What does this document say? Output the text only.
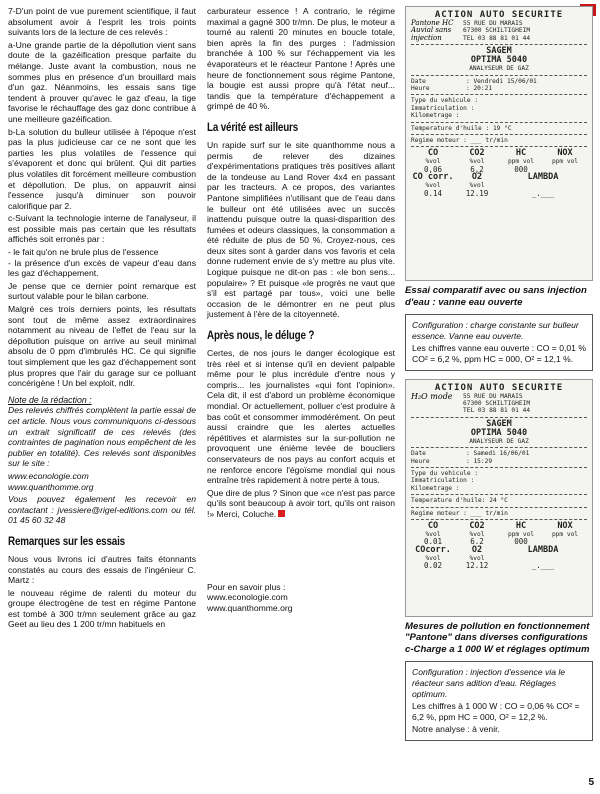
7-D'un point de vue purement scientifique, il faut absolument avoir à l'esprit les trois points suivants lors de la lecture de ces relevés :

a-Une grande partie de la dépollution vient sans doute de la gazéification presque parfaite du mélange. Juste avant la combustion, nous ne sommes plus en présence d'un brouillard mais d'un gaz. Néanmoins, les essais sans tige tendent à prouver qu'avec le gaz d'eau, la tige favorise le réchauffage des gaz donc contribue à une meilleure gazéification.

b-La solution du bulleur utilisée à l'époque n'est pas la plus judicieuse car ce ne sont que les parties les plus volatiles de l'essence qui s'évaporent et donc qui brûlent. Qui dit parties plus volatiles dit forcément meilleure combustion et dépollution. De plus, on appauvrit ainsi l'essence jusqu'à diminuer son pouvoir calorifique par 2.

c-Suivant la technologie interne de l'analyseur, il est possible mais pas certain que les résultats affichés soit erronés par :

- le fait qu'on ne brule plus de l'essence

- la présence d'un excès de vapeur d'eau dans les gaz d'échappement.

Je pense que ce dernier point remarque est surtout valable pour le bilan carbone.

Malgré ces trois derniers points, les résultats sont tout de même assez extraordinaires notamment au niveau de l'effet de l'eau sur la dépollution puisque on arrive au seuil minimal absolu de 0 ppm d'imbrulés HC. Ce qui signifie tout simplement que les gaz d'échappement sont plus propres que l'air du garage sur ce polluant concérigène ! Un bel exploit, ndlr.

Note de la rédaction :

Des relevés chiffrés complètent la partie essai de cet article. Nous vous communiquons ci-dessous un extrait significatif de ces relevés (des contraintes de pagination nous empêchent de les publier en totalité). Ces relevés sont disponibles sur le site :

www.econologie.com

www.quanthomme.org

Vous pouvez également les recevoir en contactant : jvessiere@rigel-editions.com ou tél. 01 45 60 32 48

Remarques sur les essais

Nous vous livrons ici d'autres faits étonnants constatés au cours des essais de l'ingénieur C. Martz :

le nouveau régime de ralenti du moteur du groupe électrogène de test en régime Pantone est tombé à 300 tr/mn seulement grâce au gaz Geet au lieu des 1 200 tr/mn habituels en

carburateur essence ! A contrario, le régime maximal a gagné 300 tr/mn. De plus, le moteur a tourné au ralenti 20 minutes en boucle totale, bien après la fin des purges : l'admission branchée à 100 % sur l'échappement via les évaporateurs et le réacteur Pantone ! Après une heure de fonctionnement sous régime Pantone, la bougie est aussi propre qu'à l'état neuf... tandis que la température d'échappement a grimpé de 40 %.

La vérité est ailleurs

Un rapide surf sur le site quanthomme nous a permis de relever des dizaines d'expérimentations pratiques très positives allant de la tondeuse au Land Rover 4x4 en passant par les tracteurs. A ce propos, des variantes Pantone simplifiées n'utilisant que de l'eau dans le bulleur ont été utilisées avec un succès inattendu puisque outre la quasi-disparition des fumées et odeurs classiques, la consommation a été réduite de plus de 50 %. Croyez-nous, ces deux sites sont à garder dans vos favoris et cela donne rudement envie de s'y mettre au plus vite. Logique puisque ne dit-on pas : «le bon sens... populaire» ? Et puisque «le progrès ne vaut que s'il est partagé par tous», voici une belle occasion de le démontrer en ne peut plus justement à l'ère de la citoyenneté.

Après nous, le déluge ?

Certes, de nos jours le danger écologique est très réel et si intense qu'il en devient palpable même pour le plus incrédule d'entre nous y compris... les journalistes «qui font l'opinion». Cela dit, il est d'abord un problème économique mondial. Or actuellement, polluer c'est produire à bas coût et consommer immodérément. On peut aussi craindre que les alertes actuelles répétitives et alarmistes sur la sur-pollution ne provoquent une énième levée de boucliers conservateurs de nos pays au confort acquis et ne renforce encore l'égoïsme mondial qui nous entraîne très rapidement à notre perte à tous.

Que dire de plus ? Sinon que «ce n'est pas parce qu'ils sont beaucoup à avoir tort, qu'ils ont raison !» Merci, Coluche.

Pour en savoir plus :

www.econologie.com

www.quanthomme.org

ACTION AUTO SECURITE
Pantone HC
Auvial sans
injection
55 RUE DU MARAIS
67300 SCHILTIGHEIM
TEL 03 88 81 01 44
SAGEM
OPTIMA 5040
ANALYSEUR DE GAZ
Date	: Vendredi 15/06/01
Heure	: 20:21
Type du vehicule :
Immatriculation :
Kilometrage :
Temperature d'huile : 19 °C
Regime moteur : ___ tr/min
CO	CO2	HC	NOX
%vol	%vol	ppm vol	ppm vol
0,06	6,2	000
CO corr.	O2	LAMBDA
%vol	%vol
0.14	12.19	_.___
Essai comparatif avec ou sans injection d'eau : vanne eau ouverte

Configuration : charge constante sur bulleur essence. Vanne eau ouverte.

Les chiffres vanne eau ouverte : CO = 0,01 % CO² = 6,2 %, ppm HC = 000, O² = 12,1 %.

ACTION AUTO SECURITE
H₂O mode	55 RUE DU MARAIS
67300 SCHILTIGHEIM
TEL 03 88 81 01 44
SAGEM
OPTIMA 5040
ANALYSEUR DE GAZ
Date	: Samedi 16/06/01
Heure	: 15:29
Type du vehicule :
Immatriculation :
Kilometrage :
Temperature d'huile: 24 °C
Regime moteur : ___ tr/min
CO	CO2	HC	NOX
%vol	%vol	ppm vol	ppm vol
0.01	6.2	000
COcorr.	O2	LAMBDA
%vol	%vol
0.02	12.12	_.___
Mesures de pollution en fonctionnement "Pantone" dans diverses configurations c-Charge a 1 000 W et réglages optimum

Configuration : injection d'essence via le réacteur sans adition d'eau. Réglages optimum.

Les chiffres à 1 000 W : CO = 0,06 % CO² = 6,2 %, ppm HC = 000, O² = 12,2 %.

Notre analyse : à venir.

5
